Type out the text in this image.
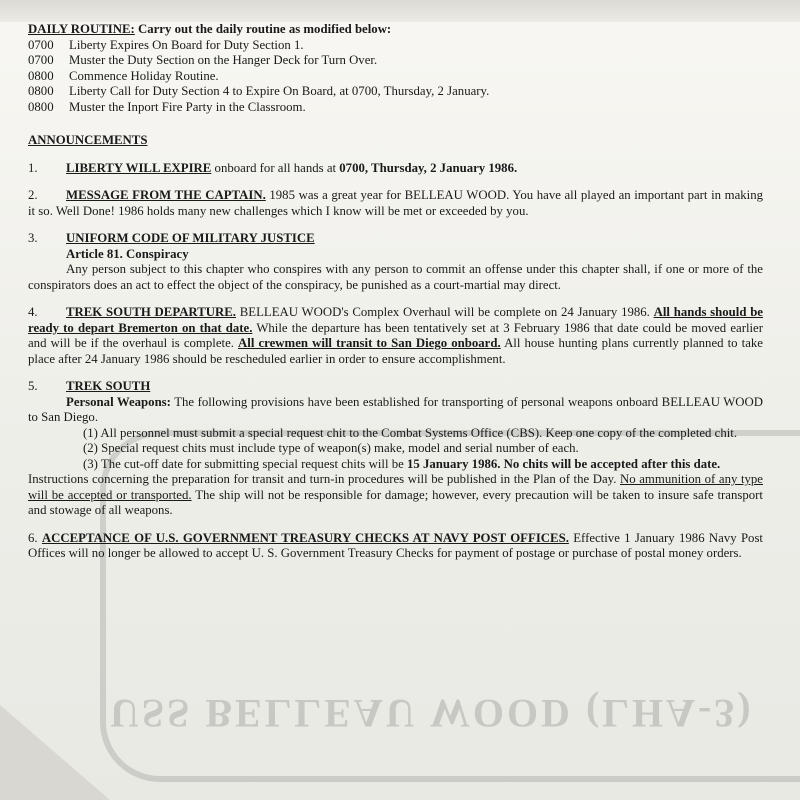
USS BELLEAU WOOD (LHA-3)
DAILY ROUTINE: Carry out the daily routine as modified below:
0700	Liberty Expires On Board for Duty Section 1.
0700	Muster the Duty Section on the Hanger Deck for Turn Over.
0800	Commence Holiday Routine.
0800	Liberty Call for Duty Section 4 to Expire On Board, at 0700, Thursday, 2 January.
0800	Muster the Inport Fire Party in the Classroom.
ANNOUNCEMENTS
1. LIBERTY WILL EXPIRE onboard for all hands at 0700, Thursday, 2 January 1986.
2. MESSAGE FROM THE CAPTAIN. 1985 was a great year for BELLEAU WOOD. You have all played an important part in making it so. Well Done! 1986 holds many new challenges which I know will be met or exceeded by you.
3. UNIFORM CODE OF MILITARY JUSTICE
Article 81. Conspiracy
Any person subject to this chapter who conspires with any person to commit an offense under this chapter shall, if one or more of the conspirators does an act to effect the object of the conspiracy, be punished as a court-martial may direct.
4. TREK SOUTH DEPARTURE. BELLEAU WOOD's Complex Overhaul will be complete on 24 January 1986. All hands should be ready to depart Bremerton on that date. While the departure has been tentatively set at 3 February 1986 that date could be moved earlier and will be if the overhaul is complete. All crewmen will transit to San Diego onboard. All house hunting plans currently planned to take place after 24 January 1986 should be rescheduled earlier in order to ensure accomplishment.
5. TREK SOUTH
Personal Weapons: The following provisions have been established for transporting of personal weapons onboard BELLEAU WOOD to San Diego.
(1) All personnel must submit a special request chit to the Combat Systems Office (CBS). Keep one copy of the completed chit.
(2) Special request chits must include type of weapon(s) make, model and serial number of each.
(3) The cut-off date for submitting special request chits will be 15 January 1986. No chits will be accepted after this date.
Instructions concerning the preparation for transit and turn-in procedures will be published in the Plan of the Day. No ammunition of any type will be accepted or transported. The ship will not be responsible for damage; however, every precaution will be taken to insure safe transport and stowage of all weapons.
6. ACCEPTANCE OF U.S. GOVERNMENT TREASURY CHECKS AT NAVY POST OFFICES. Effective 1 January 1986 Navy Post Offices will no longer be allowed to accept U. S. Government Treasury Checks for payment of postage or purchase of postal money orders.
